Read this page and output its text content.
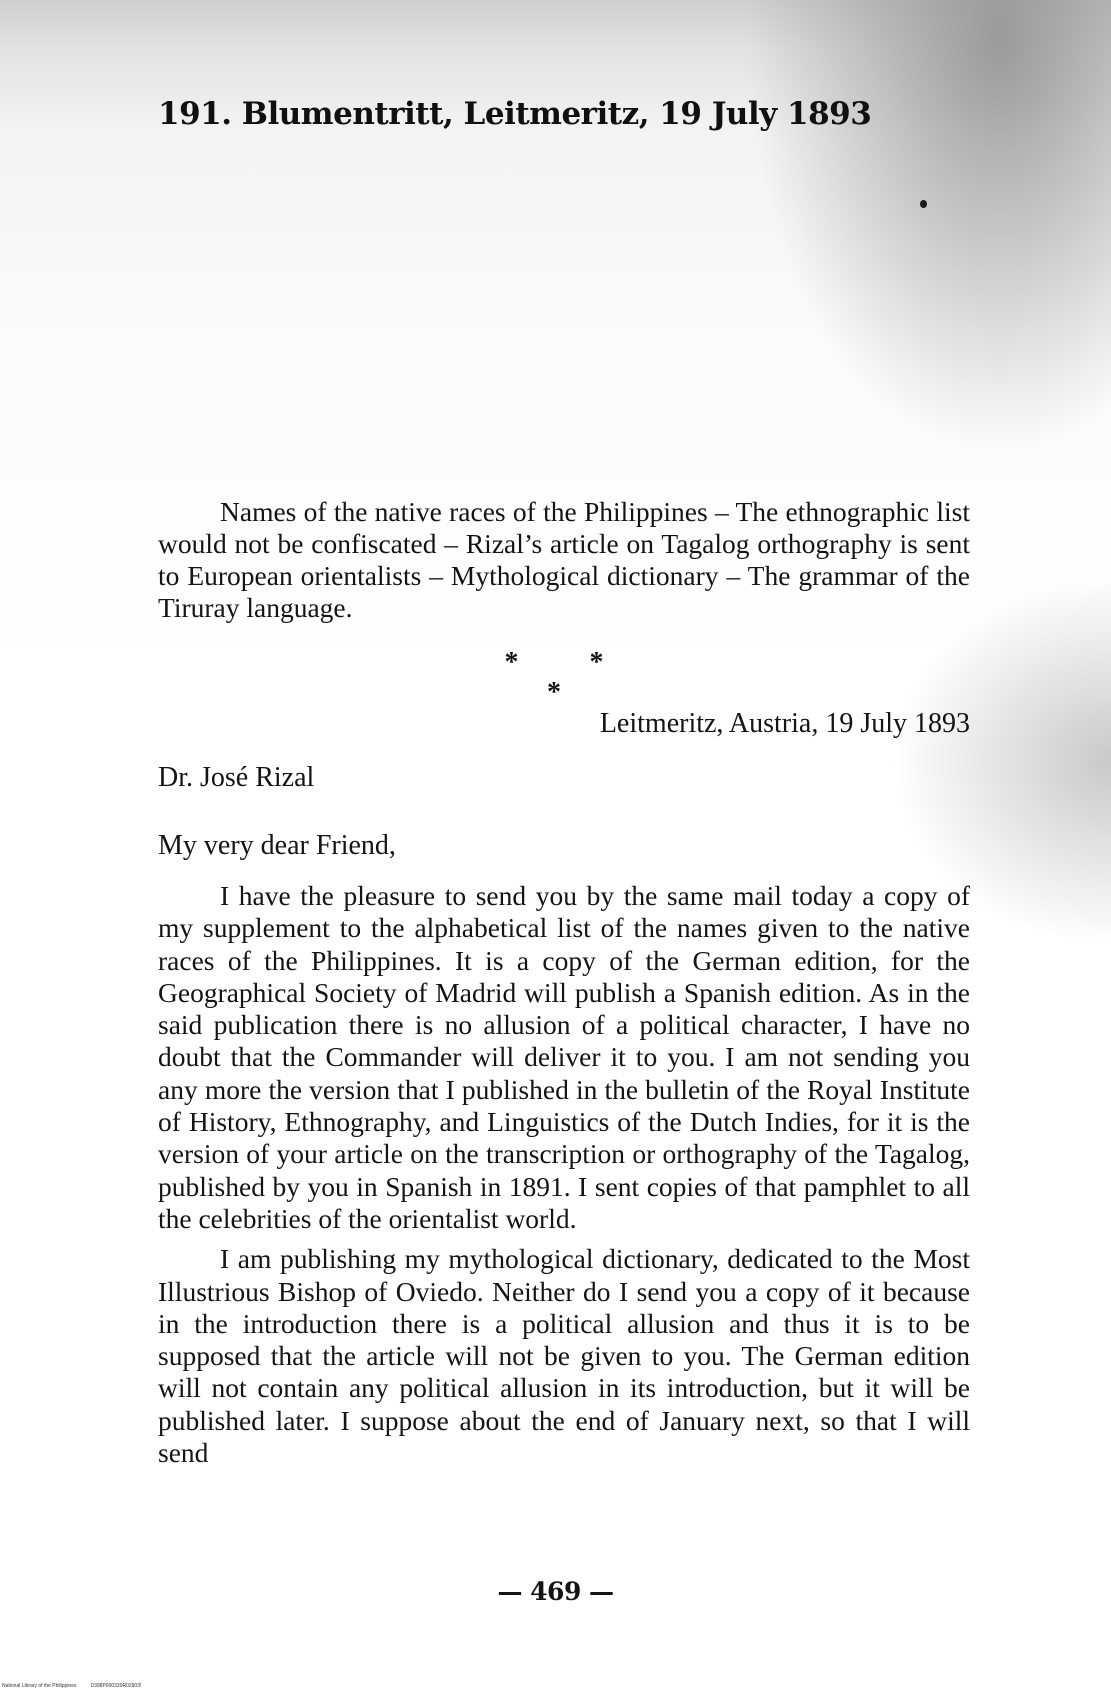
191. Blumentritt, Leitmeritz, 19 July 1893

Names of the native races of the Philippines – The ethnographic list would not be confiscated – Rizal’s article on Tagalog orthography is sent to European orientalists – Mythological dictionary – The grammar of the Tiruray language.

* * *

Leitmeritz, Austria, 19 July 1893

Dr. José Rizal

My very dear Friend,

I have the pleasure to send you by the same mail today a copy of my supplement to the alphabetical list of the names given to the native races of the Philippines. It is a copy of the German edition, for the Geographical Society of Madrid will publish a Spanish edition. As in the said publication there is no allusion of a political character, I have no doubt that the Commander will deliver it to you. I am not sending you any more the version that I published in the bulletin of the Royal Institute of History, Ethnography, and Linguistics of the Dutch Indies, for it is the version of your article on the transcription or orthography of the Tagalog, published by you in Spanish in 1891. I sent copies of that pamphlet to all the celebrities of the orientalist world.

I am publishing my mythological dictionary, dedicated to the Most Illustrious Bishop of Oviedo. Neither do I send you a copy of it because in the introduction there is a political allusion and thus it is to be supposed that the article will not be given to you. The German edition will not contain any political allusion in its introduction, but it will be published later. I suppose about the end of January next, so that I will send

— 469 —

National Library of the Philippines	D398P000339R02903!
